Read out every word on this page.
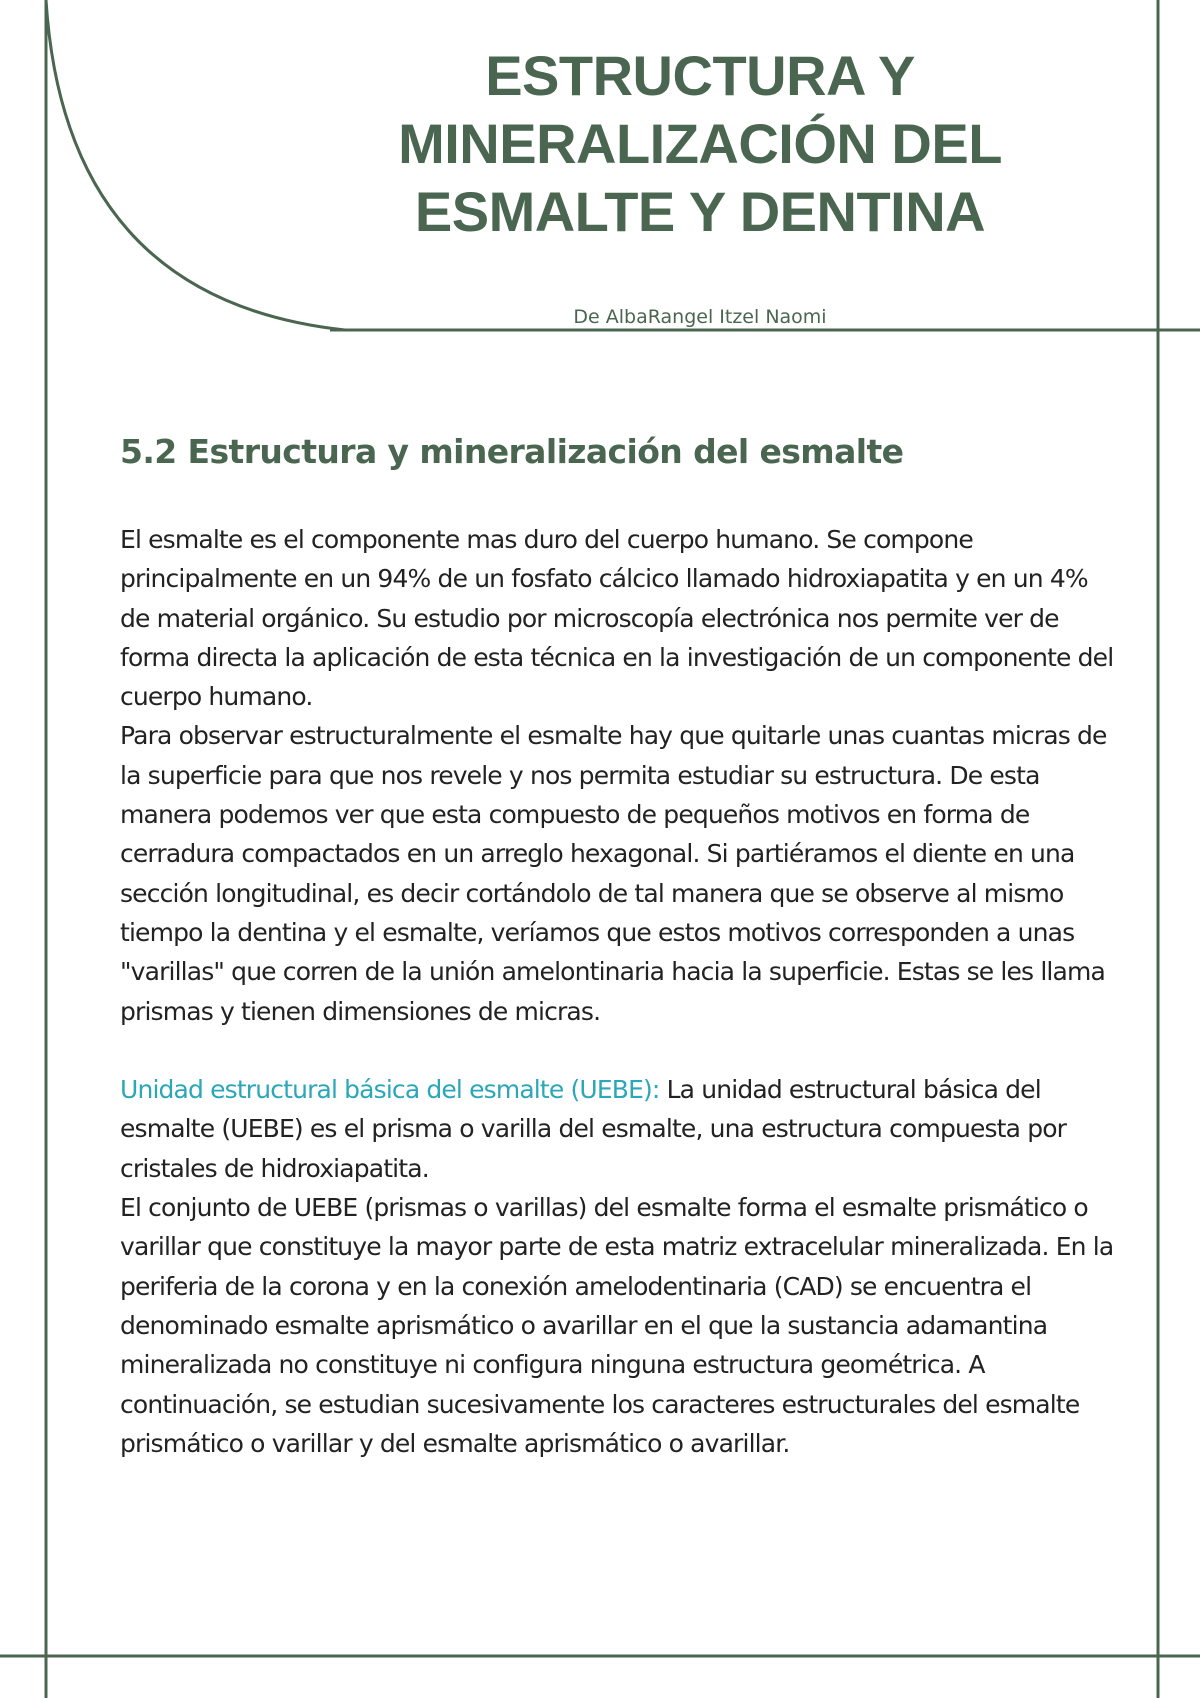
ESTRUCTURA Y
MINERALIZACIÓN DEL
ESMALTE Y DENTINA

De AlbaRangel Itzel Naomi

5.2 Estructura y mineralización del esmalte

El esmalte es el componente mas duro del cuerpo humano. Se compone principalmente en un 94% de un fosfato cálcico llamado hidroxiapatita y en un 4% de material orgánico. Su estudio por microscopía electrónica nos permite ver de forma directa la aplicación de esta técnica en la investigación de un componente del cuerpo humano.

Para observar estructuralmente el esmalte hay que quitarle unas cuantas micras de la superficie para que nos revele y nos permita estudiar su estructura. De esta manera podemos ver que esta compuesto de pequeños motivos en forma de cerradura compactados en un arreglo hexagonal. Si partiéramos el diente en una sección longitudinal, es decir cortándolo de tal manera que se observe al mismo tiempo la dentina y el esmalte, veríamos que estos motivos corresponden a unas "varillas" que corren de la unión amelontinaria hacia la superficie. Estas se les llama prismas y tienen dimensiones de micras.

Unidad estructural básica del esmalte (UEBE): La unidad estructural básica del esmalte (UEBE) es el prisma o varilla del esmalte, una estructura compuesta por cristales de hidroxiapatita.

El conjunto de UEBE (prismas o varillas) del esmalte forma el esmalte prismático o varillar que constituye la mayor parte de esta matriz extracelular mineralizada. En la periferia de la corona y en la conexión amelodentinaria (CAD) se encuentra el denominado esmalte aprismático o avarillar en el que la sustancia adamantina mineralizada no constituye ni configura ninguna estructura geométrica. A continuación, se estudian sucesivamente los caracteres estructurales del esmalte prismático o varillar y del esmalte aprismático o avarillar.
